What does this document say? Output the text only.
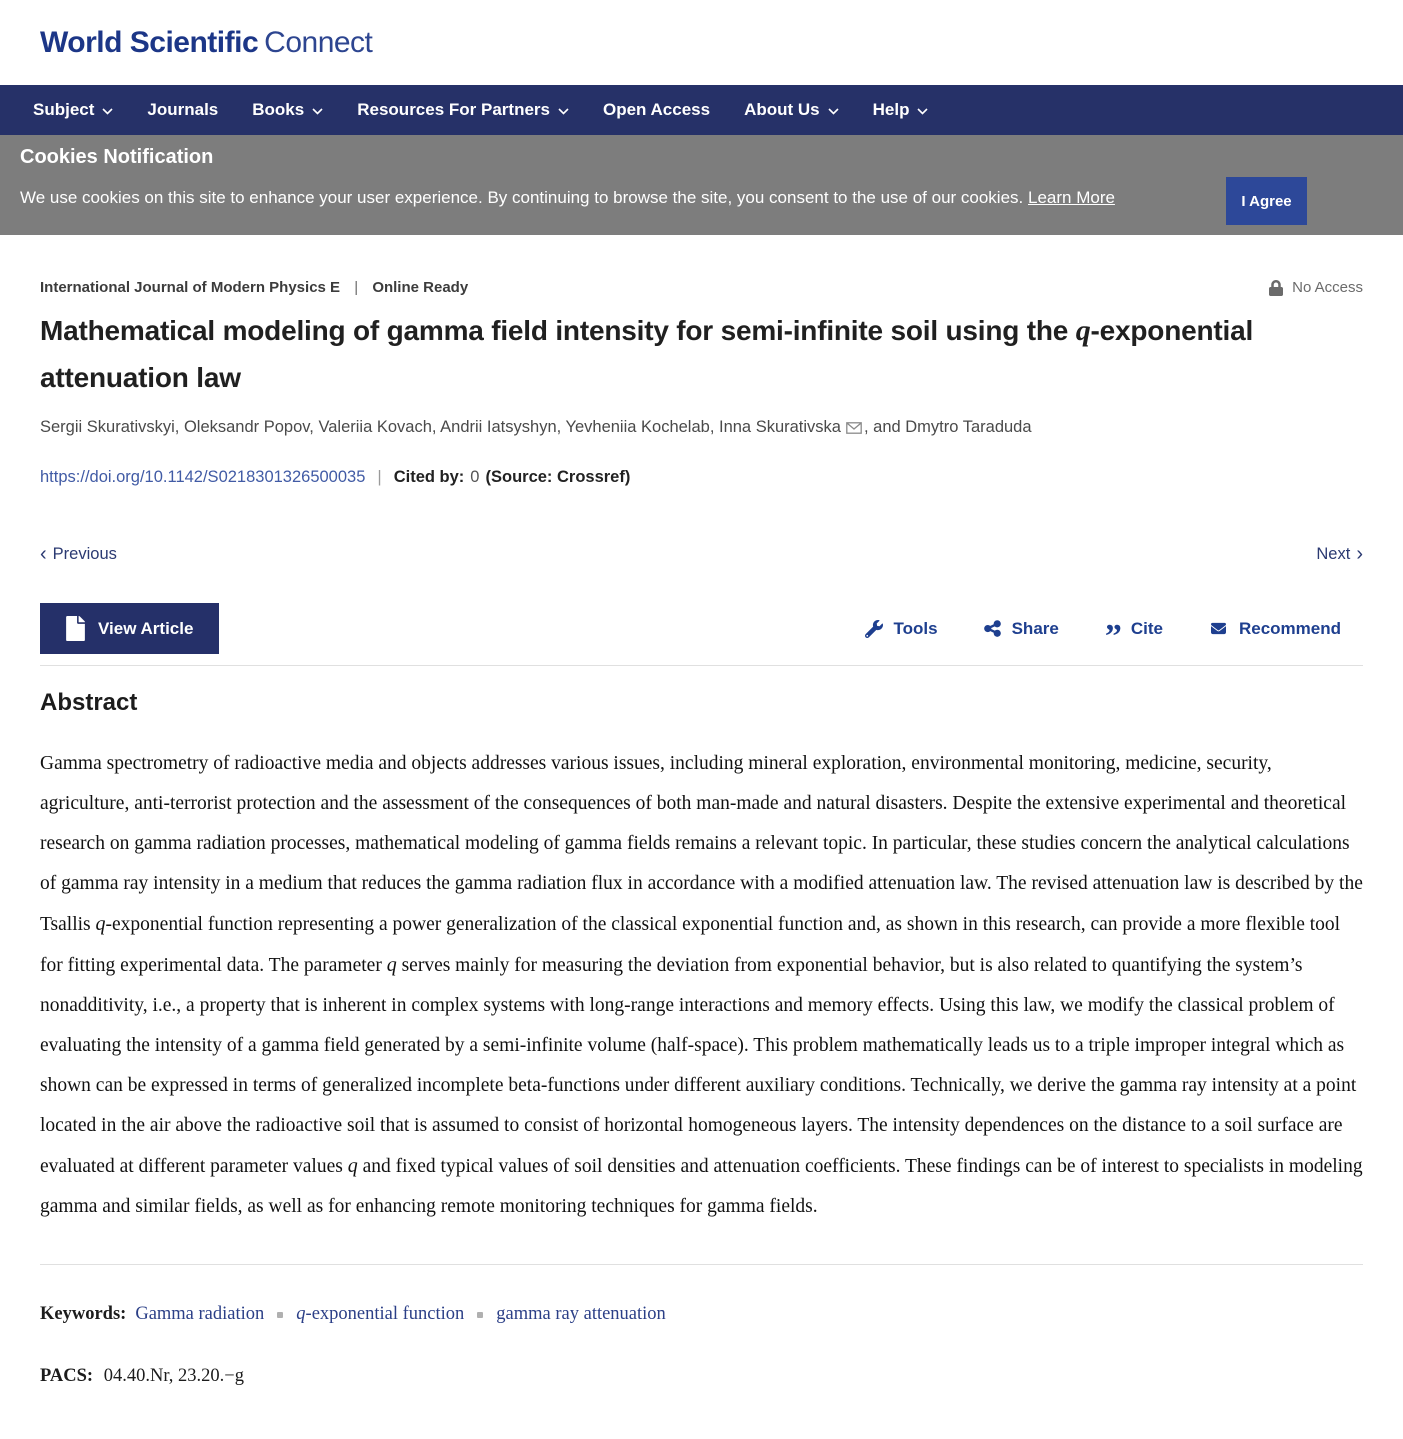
World Scientific Connect
Subject	Journals Books	Resources For Partners	Open Access About Us	Help
Cookies Notification
We use cookies on this site to enhance your user experience. By continuing to browse the site, you consent to the use of our cookies. Learn More	I Agree
International Journal of Modern Physics E | Online Ready	No Access
Mathematical modeling of gamma field intensity for semi-infinite soil using the q-exponential attenuation law
Sergii Skurativskyi, Oleksandr Popov, Valeriia Kovach, Andrii Iatsyshyn, Yevheniia Kochelab, Inna Skurativska , and Dmytro Taraduda
https://doi.org/10.1142/S0218301326500035 | Cited by: 0 (Source: Crossref)
‹ Previous	Next ›
View Article	Tools	Share ” Cite	Recommend
Abstract

Gamma spectrometry of radioactive media and objects addresses various issues, including mineral exploration, environmental monitoring, medicine, security, agriculture, anti-terrorist protection and the assessment of the consequences of both man-made and natural disasters. Despite the extensive experimental and theoretical research on gamma radiation processes, mathematical modeling of gamma fields remains a relevant topic. In particular, these studies concern the analytical calculations of gamma ray intensity in a medium that reduces the gamma radiation flux in accordance with a modified attenuation law. The revised attenuation law is described by the Tsallis q-exponential function representing a power generalization of the classical exponential function and, as shown in this research, can provide a more flexible tool for fitting experimental data. The parameter q serves mainly for measuring the deviation from exponential behavior, but is also related to quantifying the system’s nonadditivity, i.e., a property that is inherent in complex systems with long-range interactions and memory effects. Using this law, we modify the classical problem of evaluating the intensity of a gamma field generated by a semi-infinite volume (half-space). This problem mathematically leads us to a triple improper integral which as shown can be expressed in terms of generalized incomplete beta-functions under different auxiliary conditions. Technically, we derive the gamma ray intensity at a point located in the air above the radioactive soil that is assumed to consist of horizontal homogeneous layers. The intensity dependences on the distance to a soil surface are evaluated at different parameter values q and fixed typical values of soil densities and attenuation coefficients. These findings can be of interest to specialists in modeling gamma and similar fields, as well as for enhancing remote monitoring techniques for gamma fields.

Keywords: Gamma radiation q-exponential function gamma ray attenuation
PACS: 04.40.Nr, 23.20.−g
